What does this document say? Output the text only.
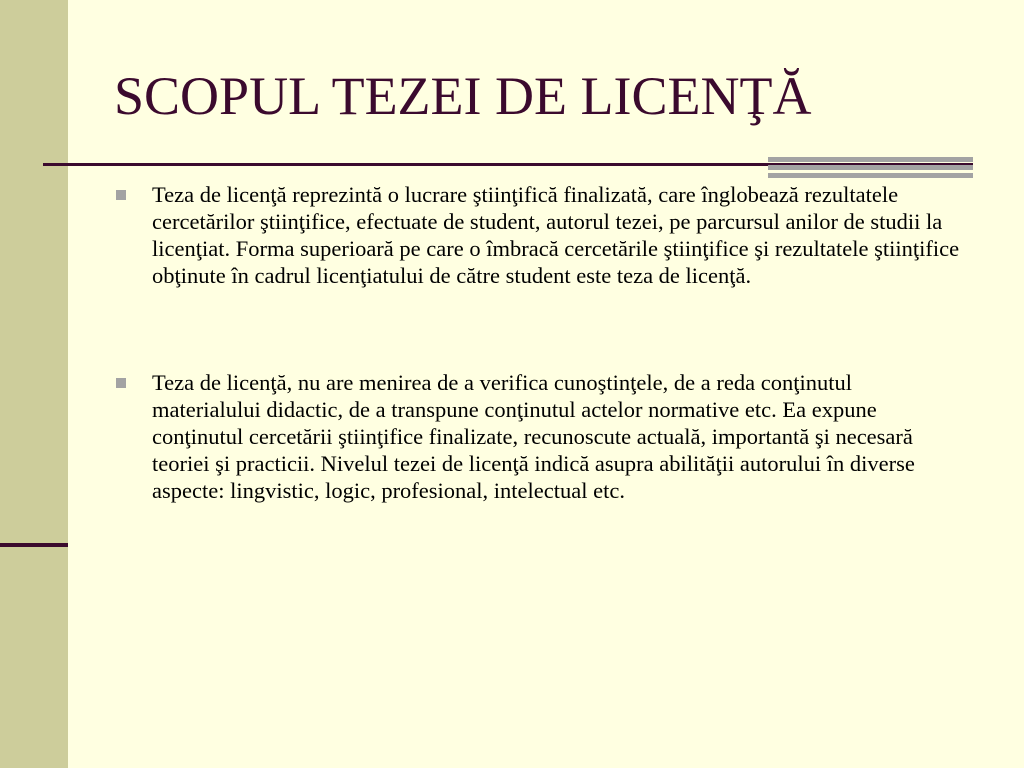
SCOPUL TEZEI DE LICENŢĂ
Teza de licenţă reprezintă o lucrare ştiinţifică finalizată, care înglobează rezultatele cercetărilor ştiinţifice, efectuate de student, autorul tezei, pe parcursul anilor de studii la licenţiat. Forma superioară pe care o îmbracă cercetările ştiinţifice şi rezultatele ştiinţifice obţinute în cadrul licenţiatului de către student este teza de licenţă.
Teza de licenţă, nu are menirea de a verifica cunoştinţele, de a reda conţinutul materialului didactic, de a transpune conţinutul actelor normative etc. Ea expune conţinutul cercetării ştiinţifice finalizate, recunoscute actuală, importantă şi necesară teoriei şi practicii. Nivelul tezei de licenţă indică asupra abilităţii autorului în diverse aspecte: lingvistic, logic, profesional, intelectual etc.
